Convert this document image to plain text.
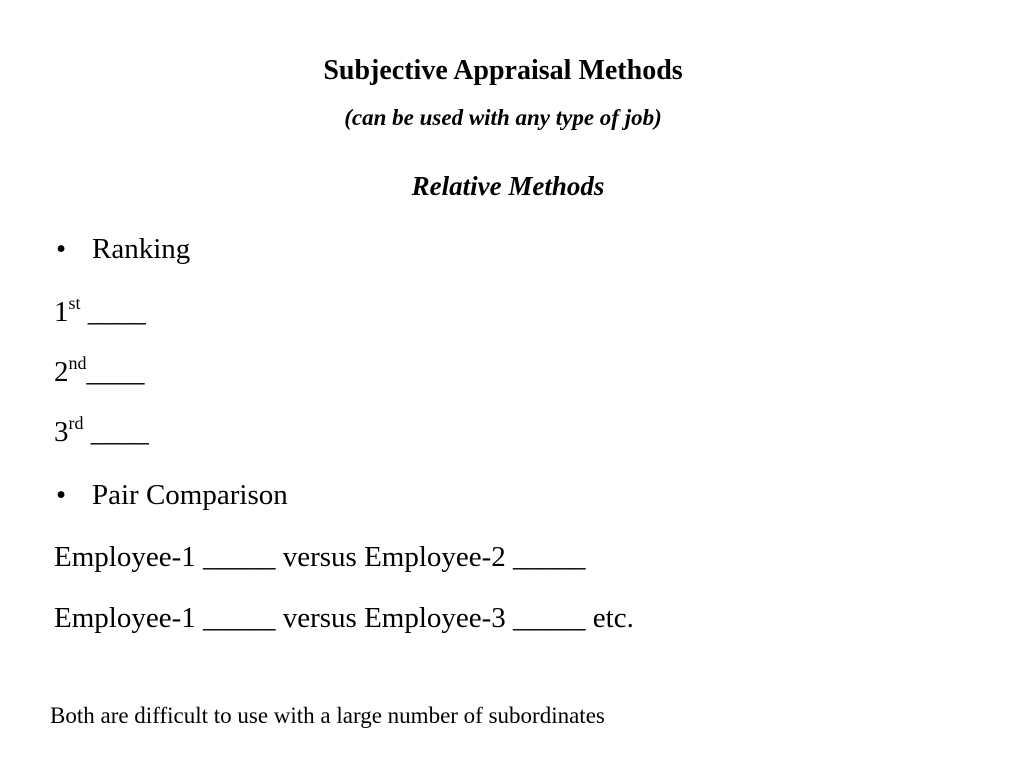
Subjective Appraisal Methods
(can be used with any type of job)
Relative Methods
• Ranking
1st ____
2nd____
3rd ____
• Pair Comparison
Employee-1 _____ versus Employee-2 _____
Employee-1 _____ versus Employee-3 _____ etc.
Both are difficult to use with a large number of subordinates
